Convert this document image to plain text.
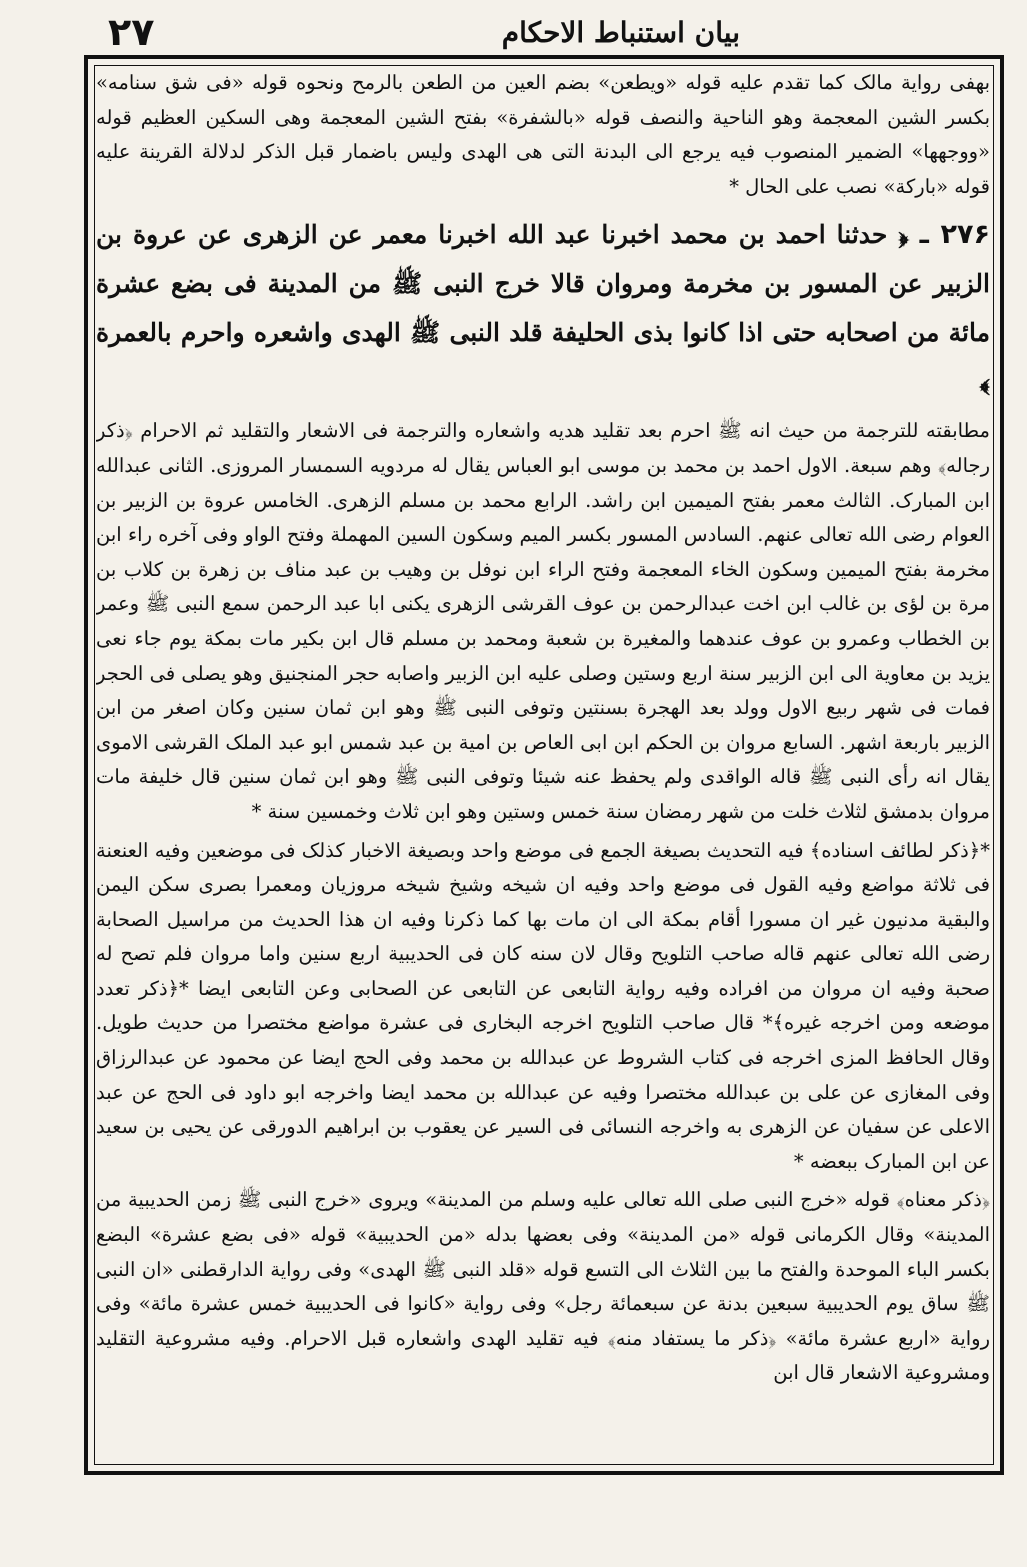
۲۷	بیان استنباط الاحکام

بهفی روایة مالک کما تقدم علیه قوله «ویطعن» بضم العین من الطعن بالرمح ونحوه قوله «فی شق سنامه» بکسر الشین المعجمة وهو الناحیة والنصف قوله «بالشفرة» بفتح الشین المعجمة وهی السکین العظیم قوله «ووجهها» الضمیر المنصوب فیه یرجع الی البدنة التی هی الهدی ولیس باضمار قبل الذکر لدلالة القرینة علیه قوله «بارکة» نصب علی الحال *

۲۷۶ ـ ﴿ حدثنا احمد بن محمد اخبرنا عبد الله اخبرنا معمر عن الزهری عن عروة بن الزبیر عن المسور بن مخرمة ومروان قالا خرج النبی ﷺ من المدینة فی بضع عشرة مائة من اصحابه حتی اذا کانوا بذی الحلیفة قلد النبی ﷺ الهدی واشعره واحرم بالعمرة ﴾

مطابقته للترجمة من حیث انه ﷺ احرم بعد تقلید هدیه واشعاره والترجمة فی الاشعار والتقلید ثم الاحرام ﴿ذکر رجاله﴾ وهم سبعة. الاول احمد بن محمد بن موسی ابو العباس یقال له مردویه السمسار المروزی. الثانی عبدالله ابن المبارک. الثالث معمر بفتح المیمین ابن راشد. الرابع محمد بن مسلم الزهری. الخامس عروة بن الزبیر بن العوام رضی الله تعالی عنهم. السادس المسور بکسر المیم وسکون السین المهملة وفتح الواو وفی آخره راء ابن مخرمة بفتح المیمین وسکون الخاء المعجمة وفتح الراء ابن نوفل بن وهیب بن عبد مناف بن زهرة بن کلاب بن مرة بن لؤی بن غالب ابن اخت عبدالرحمن بن عوف القرشی الزهری یکنی ابا عبد الرحمن سمع النبی ﷺ وعمر بن الخطاب وعمرو بن عوف عندهما والمغیرة بن شعبة ومحمد بن مسلم قال ابن بکیر مات بمکة یوم جاء نعی یزید بن معاویة الی ابن الزبیر سنة اربع وستین وصلی علیه ابن الزبیر واصابه حجر المنجنیق وهو یصلی فی الحجر فمات فی شهر ربیع الاول وولد بعد الهجرة بسنتین وتوفی النبی ﷺ وهو ابن ثمان سنین وکان اصغر من ابن الزبیر باربعة اشهر. السابع مروان بن الحکم ابن ابی العاص بن امیة بن عبد شمس ابو عبد الملک القرشی الاموی یقال انه رأی النبی ﷺ قاله الواقدی ولم یحفظ عنه شیئا وتوفی النبی ﷺ وهو ابن ثمان سنین قال خلیفة مات مروان بدمشق لثلاث خلت من شهر رمضان سنة خمس وستین وهو ابن ثلاث وخمسین سنة *

*﴿ذکر لطائف اسناده﴾ فیه التحدیث بصیغة الجمع فی موضع واحد وبصیغة الاخبار کذلک فی موضعین وفیه العنعنة فی ثلاثة مواضع وفیه القول فی موضع واحد وفیه ان شیخه وشیخ شیخه مروزیان ومعمرا بصری سکن الیمن والبقیة مدنیون غیر ان مسورا أقام بمکة الی ان مات بها کما ذکرنا وفیه ان هذا الحدیث من مراسیل الصحابة رضی الله تعالی عنهم قاله صاحب التلویح وقال لان سنه کان فی الحدیبیة اربع سنین واما مروان فلم تصح له صحبة وفیه ان مروان من افراده وفیه روایة التابعی عن التابعی عن الصحابی وعن التابعی ایضا *﴿ذکر تعدد موضعه ومن اخرجه غیره﴾* قال صاحب التلویح اخرجه البخاری فی عشرة مواضع مختصرا من حدیث طویل. وقال الحافظ المزی اخرجه فی کتاب الشروط عن عبدالله بن محمد وفی الحج ایضا عن محمود عن عبدالرزاق وفی المغازی عن علی بن عبدالله مختصرا وفیه عن عبدالله بن محمد ایضا واخرجه ابو داود فی الحج عن عبد الاعلی عن سفیان عن الزهری به واخرجه النسائی فی السیر عن یعقوب بن ابراهیم الدورقی عن یحیی بن سعید عن ابن المبارک ببعضه *

﴿ذکر معناه﴾ قوله «خرج النبی صلی الله تعالی علیه وسلم من المدینة» ویروی «خرج النبی ﷺ زمن الحدیبیة من المدینة» وقال الکرمانی قوله «من المدینة» وفی بعضها بدله «من الحدیبیة» قوله «فی بضع عشرة» البضع بکسر الباء الموحدة والفتح ما بین الثلاث الی التسع قوله «قلد النبی ﷺ الهدی» وفی روایة الدارقطنی «ان النبی ﷺ ساق یوم الحدیبیة سبعین بدنة عن سبعمائة رجل» وفی روایة «کانوا فی الحدیبیة خمس عشرة مائة» وفی روایة «اربع عشرة مائة» ﴿ذکر ما یستفاد منه﴾ فیه تقلید الهدی واشعاره قبل الاحرام. وفیه مشروعیة التقلید ومشروعیة الاشعار قال ابن
